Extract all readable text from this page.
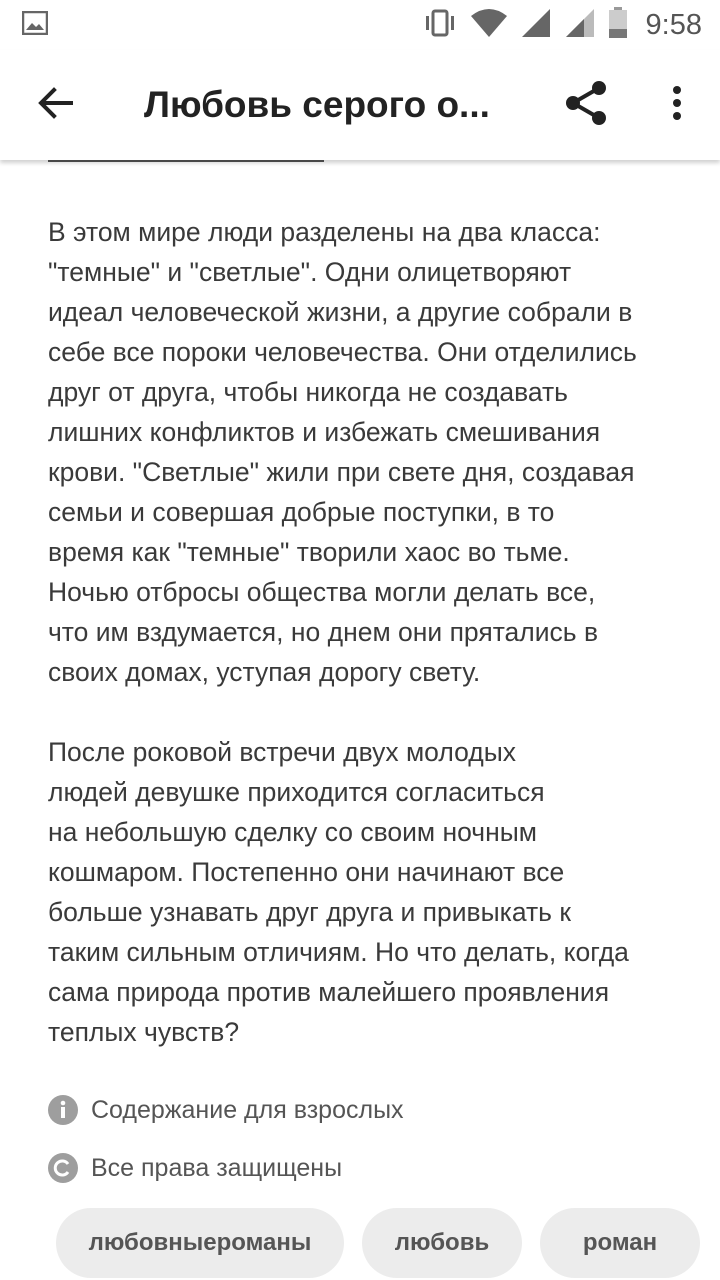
9:58
Любовь серого о...
В этом мире люди разделены на два класса:
"темные" и "светлые". Одни олицетворяют
идеал человеческой жизни, а другие собрали в
себе все пороки человечества. Они отделились
друг от друга, чтобы никогда не создавать
лишних конфликтов и избежать смешивания
крови. "Светлые" жили при свете дня, создавая
семьи и совершая добрые поступки, в то
время как "темные" творили хаос во тьме.
Ночью отбросы общества могли делать все,
что им вздумается, но днем они прятались в
своих домах, уступая дорогу свету.
После роковой встречи двух молодых
людей девушке приходится согласиться
на небольшую сделку со своим ночным
кошмаром. Постепенно они начинают все
больше узнавать друг друга и привыкать к
таким сильным отличиям. Но что делать, когда
сама природа против малейшего проявления
теплых чувств?
Содержание для взрослых
Все права защищены
любовныероманы	любовь	роман
